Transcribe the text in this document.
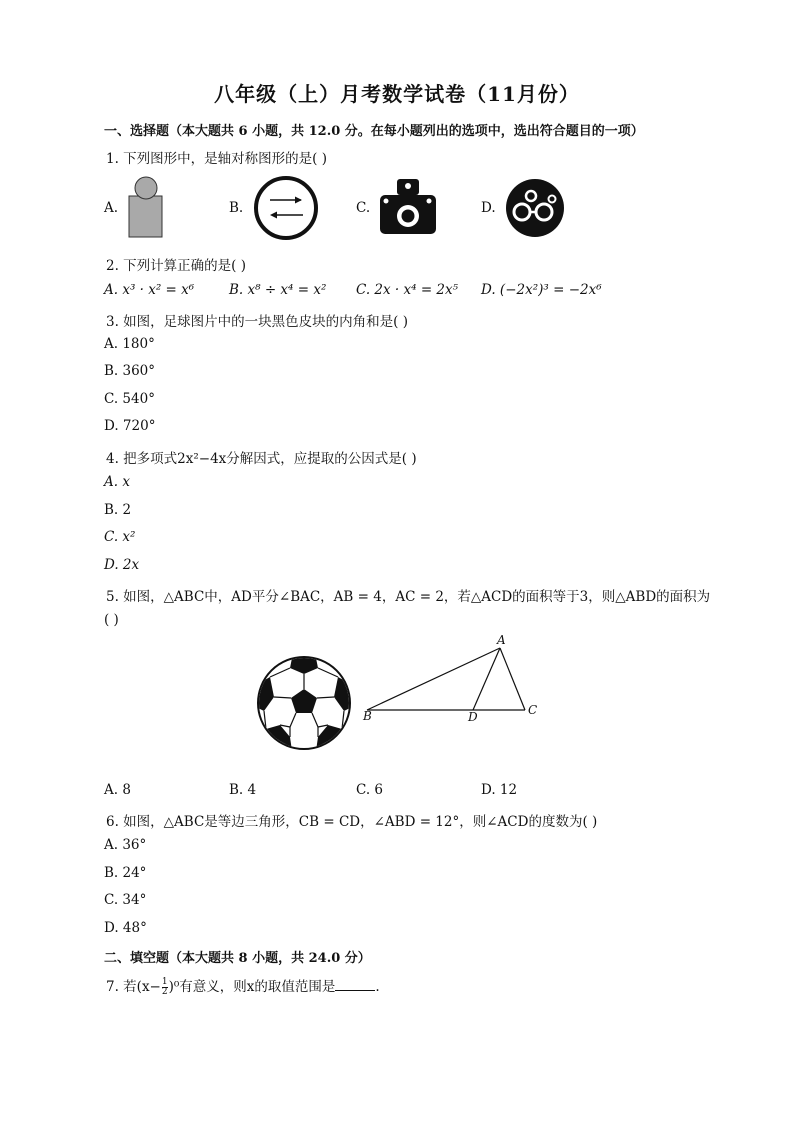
八年级（上）月考数学试卷（11月份）
一、选择题（本大题共 6 小题，共 12.0 分。在每小题列出的选项中，选出符合题目的一项）
1. 下列图形中，是轴对称图形的是( )
A.	B.	C.	D.
2. 下列计算正确的是( )
A. x³ · x² = x⁶	B. x⁸ ÷ x⁴ = x² C. 2x · x⁴ = 2x⁵ D. (−2x²)³ = −2x⁶
3. 如图，足球图片中的一块黑色皮块的内角和是( )
A. 180°
B. 360°
C. 540°
D. 720°
4. 把多项式2x²−4x分解因式，应提取的公因式是( )
A. x
B. 2
C. x²
D. 2x
5. 如图，△ABC中，AD平分∠BAC，AB = 4，AC = 2，若△ACD的面积等于3，则△ABD的面积为
( )
A
B	C
D
A. 8	B. 4	C. 6	D. 12
6. 如图，△ABC是等边三角形，CB = CD，∠ABD = 12°，则∠ACD的度数为( )
A. 36°
B. 24°
C. 34°
D. 48°
二、填空题（本大题共 8 小题，共 24.0 分）
7. 若$(x- \frac{1}{2} )^0$有意义，则x的取值范围是	.
